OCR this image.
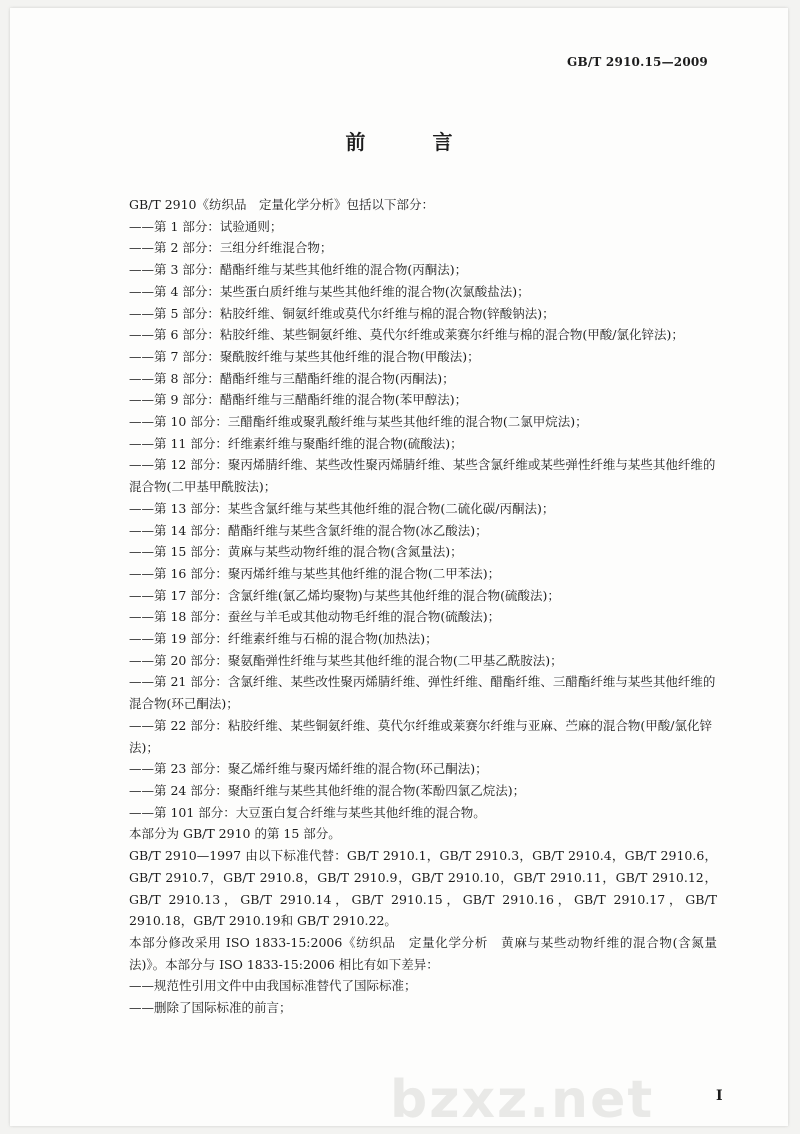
GB/T 2910.15—2009
前 言

GB/T 2910《纺织品　定量化学分析》包括以下部分：

——第 1 部分：试验通则；

——第 2 部分：三组分纤维混合物；

——第 3 部分：醋酯纤维与某些其他纤维的混合物(丙酮法)；

——第 4 部分：某些蛋白质纤维与某些其他纤维的混合物(次氯酸盐法)；

——第 5 部分：粘胶纤维、铜氨纤维或莫代尔纤维与棉的混合物(锌酸钠法)；

——第 6 部分：粘胶纤维、某些铜氨纤维、莫代尔纤维或莱赛尔纤维与棉的混合物(甲酸/氯化锌法)；

——第 7 部分：聚酰胺纤维与某些其他纤维的混合物(甲酸法)；

——第 8 部分：醋酯纤维与三醋酯纤维的混合物(丙酮法)；

——第 9 部分：醋酯纤维与三醋酯纤维的混合物(苯甲醇法)；

——第 10 部分：三醋酯纤维或聚乳酸纤维与某些其他纤维的混合物(二氯甲烷法)；

——第 11 部分：纤维素纤维与聚酯纤维的混合物(硫酸法)；

——第 12 部分：聚丙烯腈纤维、某些改性聚丙烯腈纤维、某些含氯纤维或某些弹性纤维与某些其他纤维的混合物(二甲基甲酰胺法)；

——第 13 部分：某些含氯纤维与某些其他纤维的混合物(二硫化碳/丙酮法)；

——第 14 部分：醋酯纤维与某些含氯纤维的混合物(冰乙酸法)；

——第 15 部分：黄麻与某些动物纤维的混合物(含氮量法)；

——第 16 部分：聚丙烯纤维与某些其他纤维的混合物(二甲苯法)；

——第 17 部分：含氯纤维(氯乙烯均聚物)与某些其他纤维的混合物(硫酸法)；

——第 18 部分：蚕丝与羊毛或其他动物毛纤维的混合物(硫酸法)；

——第 19 部分：纤维素纤维与石棉的混合物(加热法)；

——第 20 部分：聚氨酯弹性纤维与某些其他纤维的混合物(二甲基乙酰胺法)；

——第 21 部分：含氯纤维、某些改性聚丙烯腈纤维、弹性纤维、醋酯纤维、三醋酯纤维与某些其他纤维的混合物(环己酮法)；

——第 22 部分：粘胶纤维、某些铜氨纤维、莫代尔纤维或莱赛尔纤维与亚麻、苎麻的混合物(甲酸/氯化锌法)；

——第 23 部分：聚乙烯纤维与聚丙烯纤维的混合物(环己酮法)；

——第 24 部分：聚酯纤维与某些其他纤维的混合物(苯酚四氯乙烷法)；

——第 101 部分：大豆蛋白复合纤维与某些其他纤维的混合物。

本部分为 GB/T 2910 的第 15 部分。

GB/T 2910—1997 由以下标准代替：GB/T 2910.1，GB/T 2910.3，GB/T 2910.4，GB/T 2910.6，GB/T 2910.7，GB/T 2910.8，GB/T 2910.9，GB/T 2910.10，GB/T 2910.11，GB/T 2910.12，GB/T 2910.13，GB/T 2910.14，GB/T 2910.15，GB/T 2910.16，GB/T 2910.17，GB/T 2910.18，GB/T 2910.19和 GB/T 2910.22。

本部分修改采用 ISO 1833-15:2006《纺织品　定量化学分析　黄麻与某些动物纤维的混合物(含氮量法)》。本部分与 ISO 1833-15:2006 相比有如下差异：

——规范性引用文件中由我国标准替代了国际标准；

——删除了国际标准的前言；

bzxz.net	I
